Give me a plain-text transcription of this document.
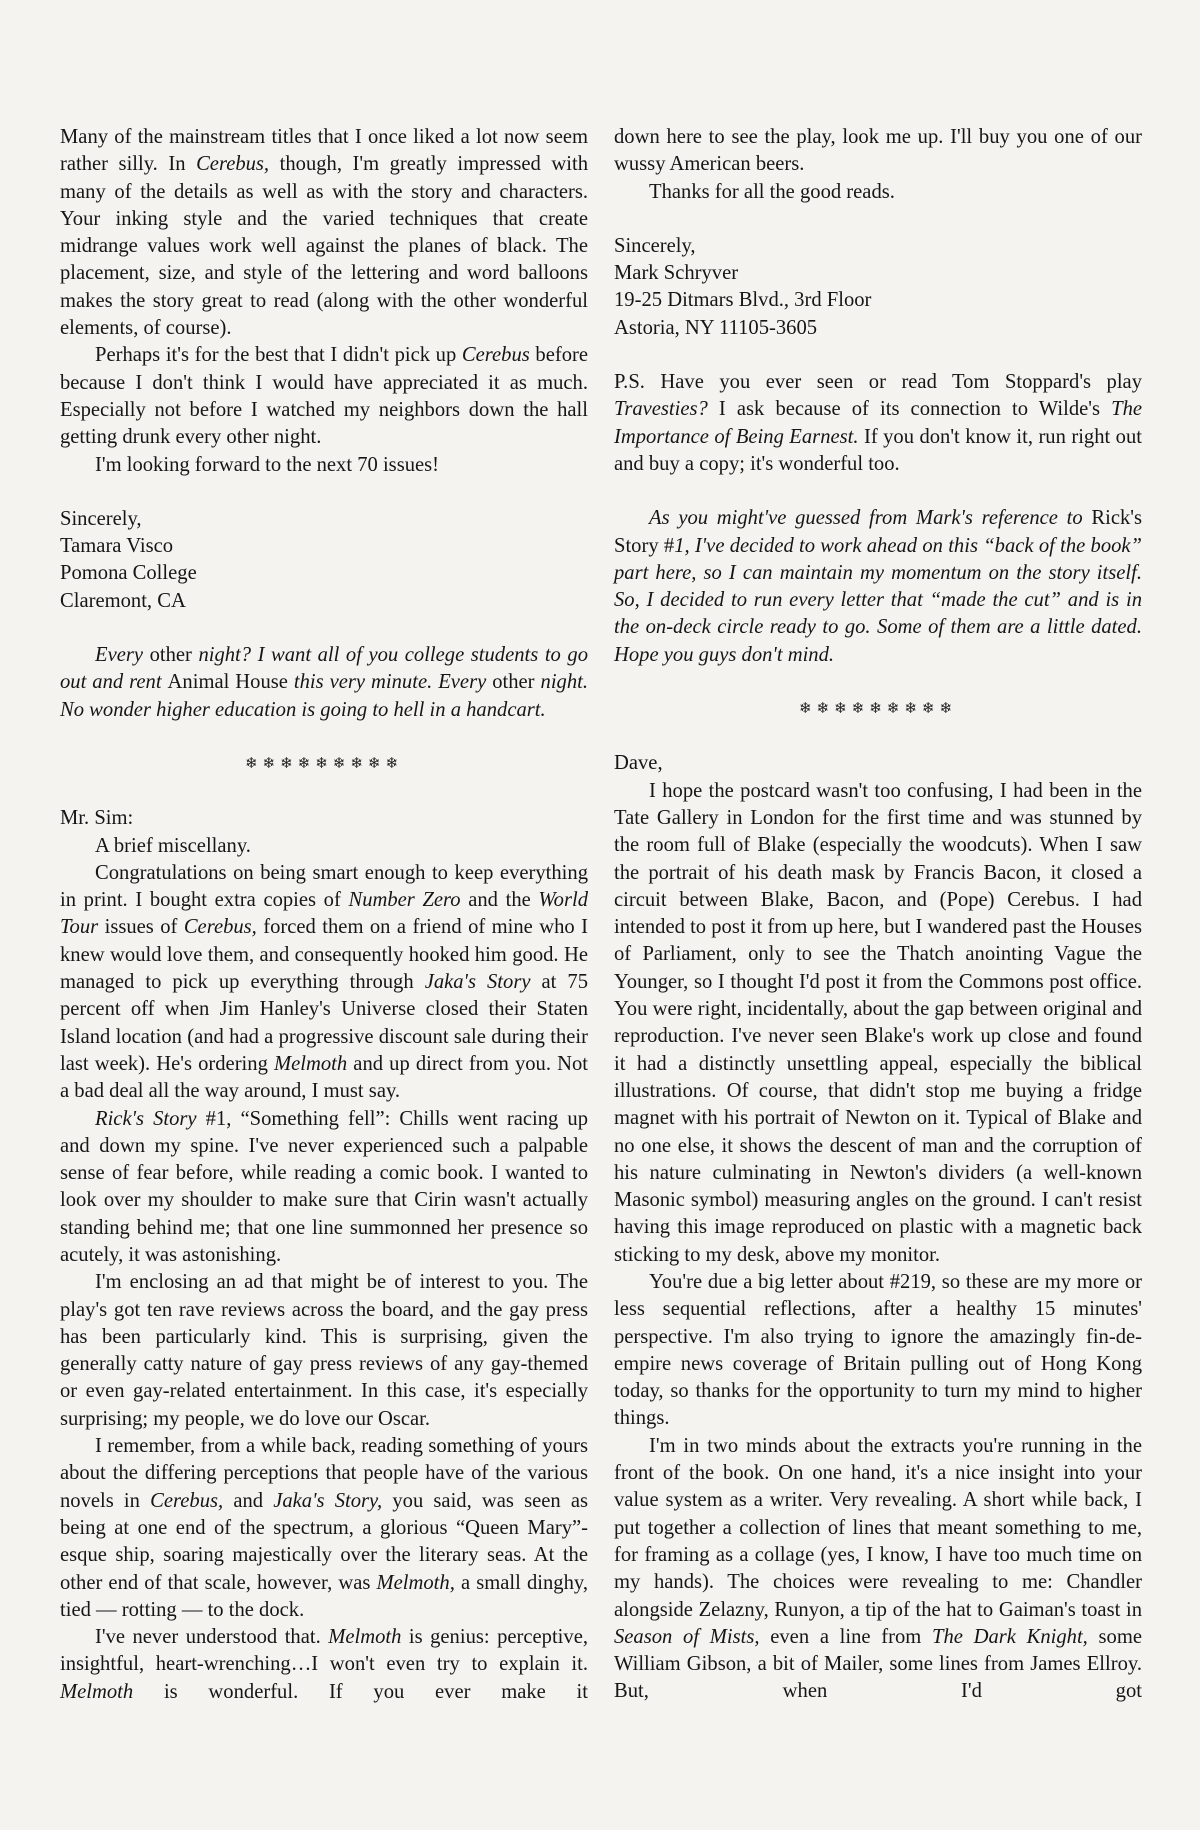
Many of the mainstream titles that I once liked a lot now seem rather silly. In Cerebus, though, I'm greatly impressed with many of the details as well as with the story and characters. Your inking style and the varied techniques that create midrange values work well against the planes of black. The placement, size, and style of the lettering and word balloons makes the story great to read (along with the other wonderful elements, of course).

Perhaps it's for the best that I didn't pick up Cerebus before because I don't think I would have appreciated it as much. Especially not before I watched my neighbors down the hall getting drunk every other night.

I'm looking forward to the next 70 issues!

Sincerely,
Tamara Visco
Pomona College
Claremont, CA

Every other night? I want all of you college students to go out and rent Animal House this very minute. Every other night. No wonder higher education is going to hell in a handcart.

❄❄❄❄❄❄❄❄❄

Mr. Sim:

A brief miscellany.

Congratulations on being smart enough to keep everything in print. I bought extra copies of Number Zero and the World Tour issues of Cerebus, forced them on a friend of mine who I knew would love them, and consequently hooked him good. He managed to pick up everything through Jaka's Story at 75 percent off when Jim Hanley's Universe closed their Staten Island location (and had a progressive discount sale during their last week). He's ordering Melmoth and up direct from you. Not a bad deal all the way around, I must say.

Rick's Story #1, “Something fell”: Chills went racing up and down my spine. I've never experienced such a palpable sense of fear before, while reading a comic book. I wanted to look over my shoulder to make sure that Cirin wasn't actually standing behind me; that one line summonned her presence so acutely, it was astonishing.

I'm enclosing an ad that might be of interest to you. The play's got ten rave reviews across the board, and the gay press has been particularly kind. This is surprising, given the generally catty nature of gay press reviews of any gay-themed or even gay-related entertainment. In this case, it's especially surprising; my people, we do love our Oscar.

I remember, from a while back, reading something of yours about the differing perceptions that people have of the various novels in Cerebus, and Jaka's Story, you said, was seen as being at one end of the spectrum, a glorious “Queen Mary”-esque ship, soaring majestically over the literary seas. At the other end of that scale, however, was Melmoth, a small dinghy, tied — rotting — to the dock.

I've never understood that. Melmoth is genius: perceptive, insightful, heart-wrenching…I won't even try to explain it. Melmoth is wonderful. If you ever make it

down here to see the play, look me up. I'll buy you one of our wussy American beers.

Thanks for all the good reads.

Sincerely,
Mark Schryver
19-25 Ditmars Blvd., 3rd Floor
Astoria, NY 11105-3605

P.S. Have you ever seen or read Tom Stoppard's play Travesties? I ask because of its connection to Wilde's The Importance of Being Earnest. If you don't know it, run right out and buy a copy; it's wonderful too.

As you might've guessed from Mark's reference to Rick's Story #1, I've decided to work ahead on this “back of the book” part here, so I can maintain my momentum on the story itself. So, I decided to run every letter that “made the cut” and is in the on-deck circle ready to go. Some of them are a little dated. Hope you guys don't mind.

❄❄❄❄❄❄❄❄❄

Dave,

I hope the postcard wasn't too confusing, I had been in the Tate Gallery in London for the first time and was stunned by the room full of Blake (especially the woodcuts). When I saw the portrait of his death mask by Francis Bacon, it closed a circuit between Blake, Bacon, and (Pope) Cerebus. I had intended to post it from up here, but I wandered past the Houses of Parliament, only to see the Thatch anointing Vague the Younger, so I thought I'd post it from the Commons post office. You were right, incidentally, about the gap between original and reproduction. I've never seen Blake's work up close and found it had a distinctly unsettling appeal, especially the biblical illustrations. Of course, that didn't stop me buying a fridge magnet with his portrait of Newton on it. Typical of Blake and no one else, it shows the descent of man and the corruption of his nature culminating in Newton's dividers (a well-known Masonic symbol) measuring angles on the ground. I can't resist having this image reproduced on plastic with a magnetic back sticking to my desk, above my monitor.

You're due a big letter about #219, so these are my more or less sequential reflections, after a healthy 15 minutes' perspective. I'm also trying to ignore the amazingly fin-de-empire news coverage of Britain pulling out of Hong Kong today, so thanks for the opportunity to turn my mind to higher things.

I'm in two minds about the extracts you're running in the front of the book. On one hand, it's a nice insight into your value system as a writer. Very revealing. A short while back, I put together a collection of lines that meant something to me, for framing as a collage (yes, I know, I have too much time on my hands). The choices were revealing to me: Chandler alongside Zelazny, Runyon, a tip of the hat to Gaiman's toast in Season of Mists, even a line from The Dark Knight, some William Gibson, a bit of Mailer, some lines from James Ellroy. But, when I'd got
